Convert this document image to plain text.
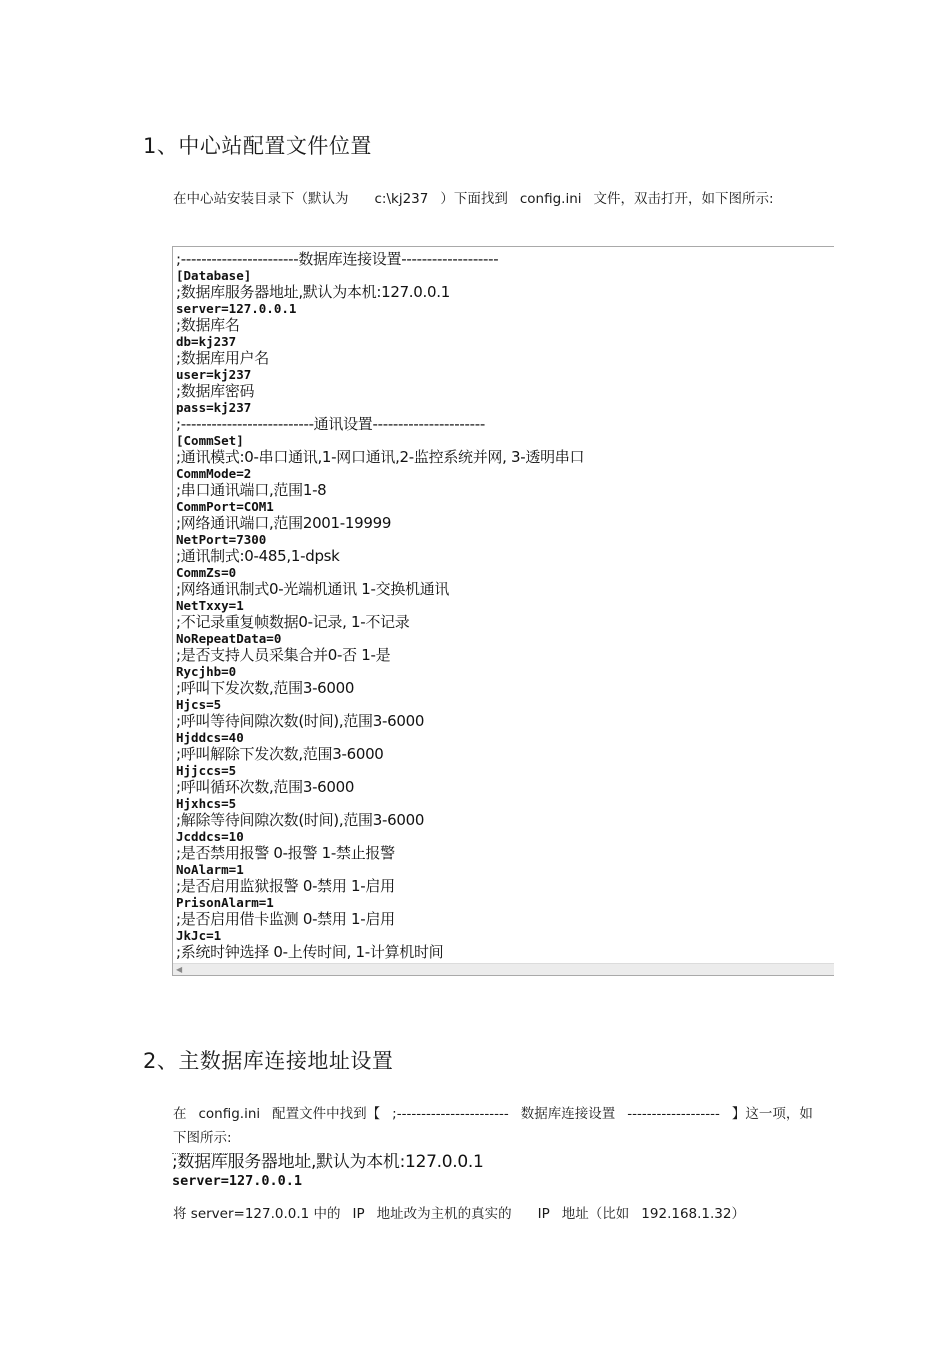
1、中心站配置文件位置

在中心站安装目录下（默认为 c:\kj237 ）下面找到 config.ini 文件，双击打开，如下图所示:

;-----------------------数据库连接设置-------------------
[Database]
;数据库服务器地址,默认为本机:127.0.0.1
server=127.0.0.1
;数据库名
db=kj237
;数据库用户名
user=kj237
;数据库密码
pass=kj237
;--------------------------通讯设置----------------------
[CommSet]
;通讯模式:0-串口通讯,1-网口通讯,2-监控系统并网, 3-透明串口
CommMode=2
;串口通讯端口,范围1-8
CommPort=COM1
;网络通讯端口,范围2001-19999
NetPort=7300
;通讯制式:0-485,1-dpsk
CommZs=0
;网络通讯制式0-光端机通讯 1-交换机通讯
NetTxxy=1
;不记录重复帧数据0-记录, 1-不记录
NoRepeatData=0
;是否支持人员采集合并0-否 1-是
Rycjhb=0
;呼叫下发次数,范围3-6000
Hjcs=5
;呼叫等待间隙次数(时间),范围3-6000
Hjddcs=40
;呼叫解除下发次数,范围3-6000
Hjjccs=5
;呼叫循环次数,范围3-6000
Hjxhcs=5
;解除等待间隙次数(时间),范围3-6000
Jcddcs=10
;是否禁用报警 0-报警 1-禁止报警
NoAlarm=1
;是否启用监狱报警 0-禁用 1-启用
PrisonAlarm=1
;是否启用借卡监测 0-禁用 1-启用
JkJc=1
;系统时钟选择 0-上传时间, 1-计算机时间
◀
2、主数据库连接地址设置

在 config.ini 配置文件中找到【 ;----------------------- 数据库连接设置 ------------------- 】这一项，如下图所示:

;数据库服务器地址,默认为本机:127.0.0.1
server=127.0.0.1

将 server=127.0.0.1 中的 IP 地址改为主机的真实的 IP 地址（比如 192.168.1.32）
